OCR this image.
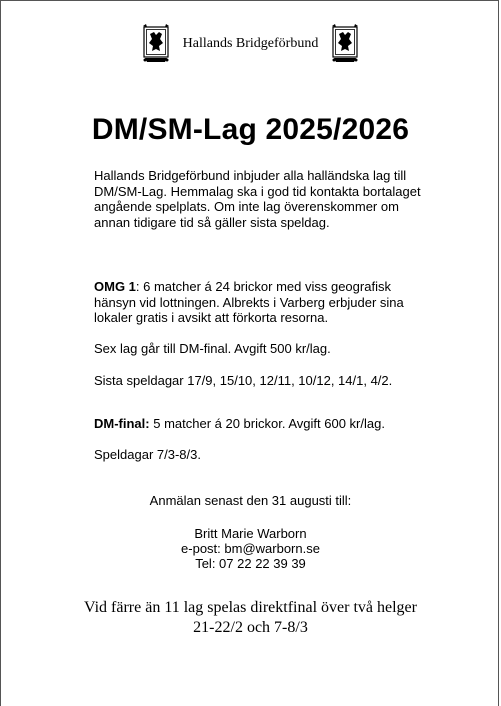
Hallands Bridgeförbund
DM/SM-Lag 2025/2026

Hallands Bridgeförbund inbjuder alla halländska lag till DM/SM-Lag. Hemmalag ska i god tid kontakta bortalaget angående spelplats. Om inte lag överenskommer om annan tidigare tid så gäller sista speldag.

OMG 1: 6 matcher á 24 brickor med viss geografisk hänsyn vid lottningen. Albrekts i Varberg erbjuder sina lokaler gratis i avsikt att förkorta resorna.

Sex lag går till DM-final. Avgift 500 kr/lag.

Sista speldagar 17/9, 15/10, 12/11, 10/12, 14/1, 4/2.

DM-final: 5 matcher á 20 brickor. Avgift 600 kr/lag.

Speldagar 7/3-8/3.

Anmälan senast den 31 augusti till:
Britt Marie Warborn
e-post: bm@warborn.se
Tel: 07 22 22 39 39
Vid färre än 11 lag spelas direktfinal över två helger
21-22/2 och 7-8/3
